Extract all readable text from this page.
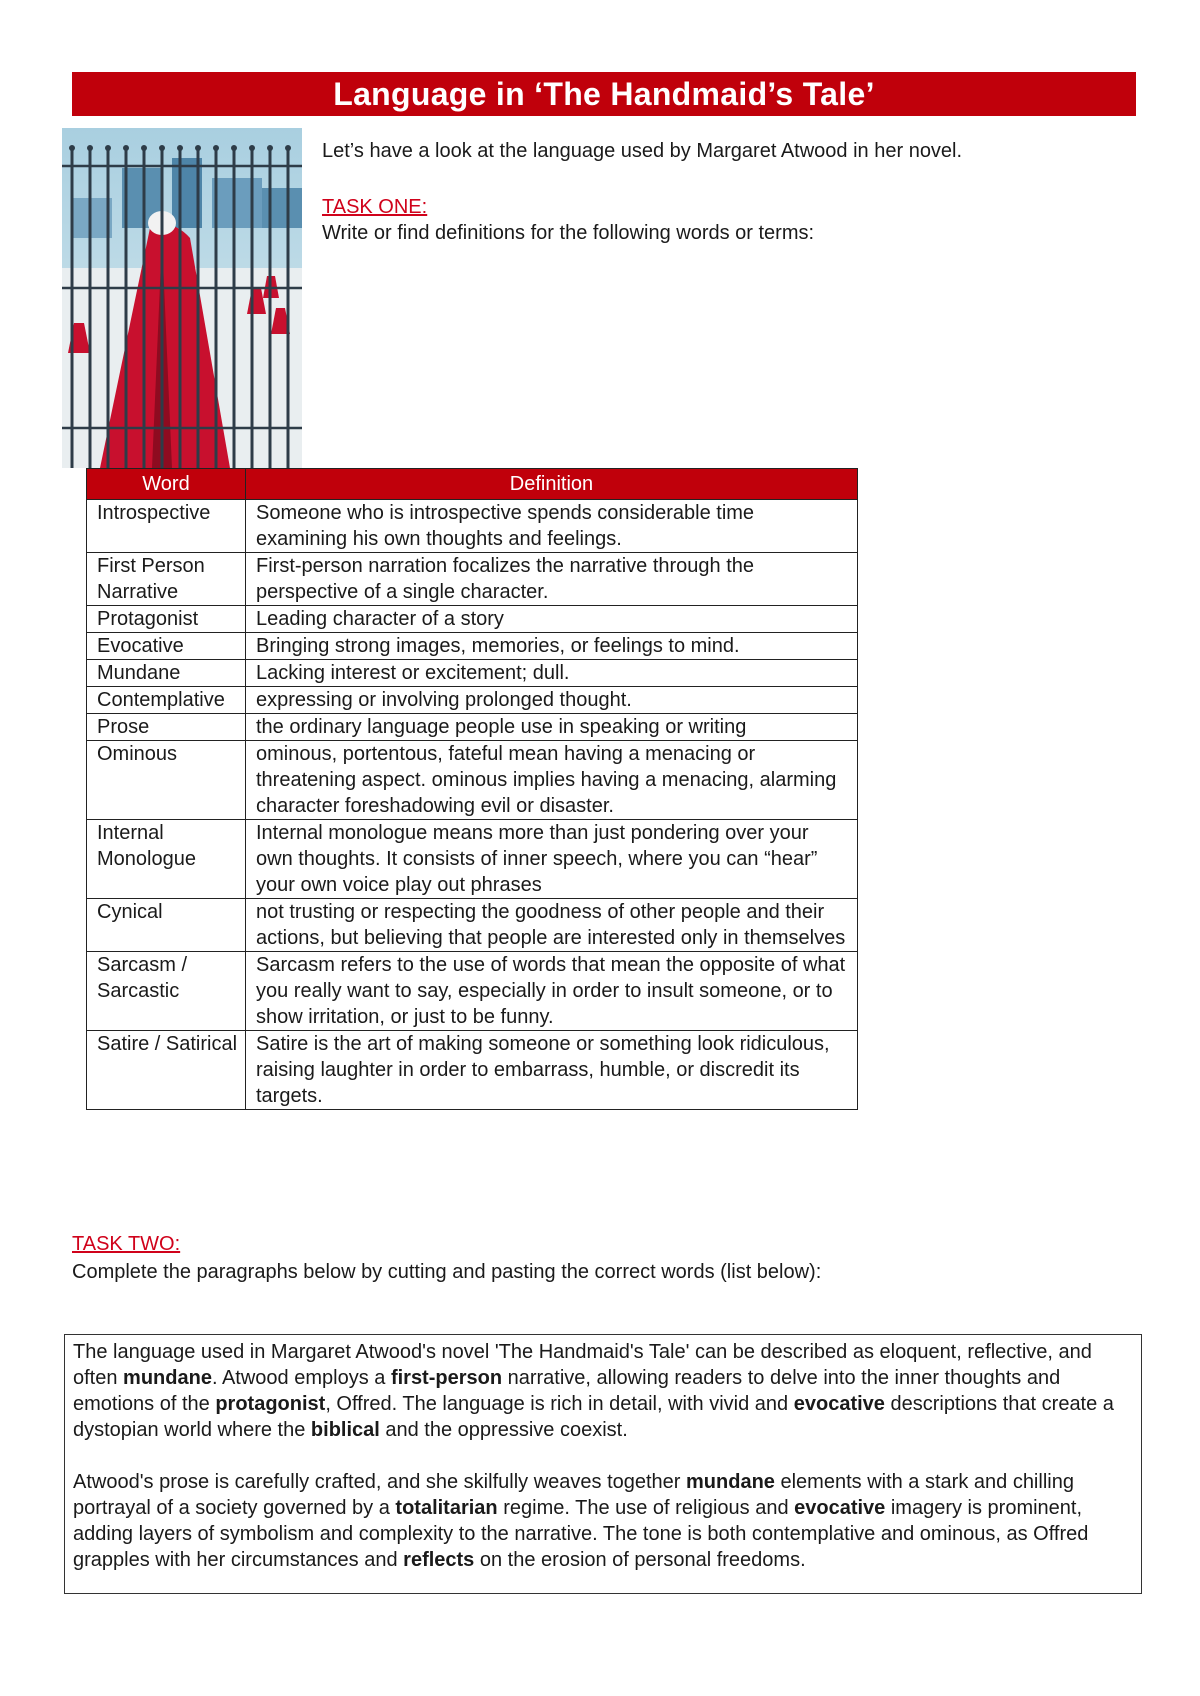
Language in ‘The Handmaid’s Tale’
Let’s have a look at the language used by Margaret Atwood in her novel.
TASK ONE:
Write or find definitions for the following words or terms:
Word	Definition
Introspective	Someone who is introspective spends considerable time examining his own thoughts and feelings.
First Person Narrative	First-person narration focalizes the narrative through the perspective of a single character.
Protagonist	Leading character of a story
Evocative	Bringing strong images, memories, or feelings to mind.
Mundane	Lacking interest or excitement; dull.
Contemplative	expressing or involving prolonged thought.
Prose	the ordinary language people use in speaking or writing
Ominous	ominous, portentous, fateful mean having a menacing or threatening aspect. ominous implies having a menacing, alarming character foreshadowing evil or disaster.
Internal Monologue	Internal monologue means more than just pondering over your own thoughts. It consists of inner speech, where you can “hear” your own voice play out phrases
Cynical	not trusting or respecting the goodness of other people and their actions, but believing that people are interested only in themselves
Sarcasm / Sarcastic	Sarcasm refers to the use of words that mean the opposite of what you really want to say, especially in order to insult someone, or to show irritation, or just to be funny.
Satire / Satirical	Satire is the art of making someone or something look ridiculous, raising laughter in order to embarrass, humble, or discredit its targets.
TASK TWO:
Complete the paragraphs below by cutting and pasting the correct words (list below):

The language used in Margaret Atwood's novel 'The Handmaid's Tale' can be described as eloquent, reflective, and often mundane. Atwood employs a first-person narrative, allowing readers to delve into the inner thoughts and emotions of the protagonist, Offred. The language is rich in detail, with vivid and evocative descriptions that create a dystopian world where the biblical and the oppressive coexist.

Atwood's prose is carefully crafted, and she skilfully weaves together mundane elements with a stark and chilling portrayal of a society governed by a totalitarian regime. The use of religious and evocative imagery is prominent, adding layers of symbolism and complexity to the narrative. The tone is both contemplative and ominous, as Offred grapples with her circumstances and reflects on the erosion of personal freedoms.
